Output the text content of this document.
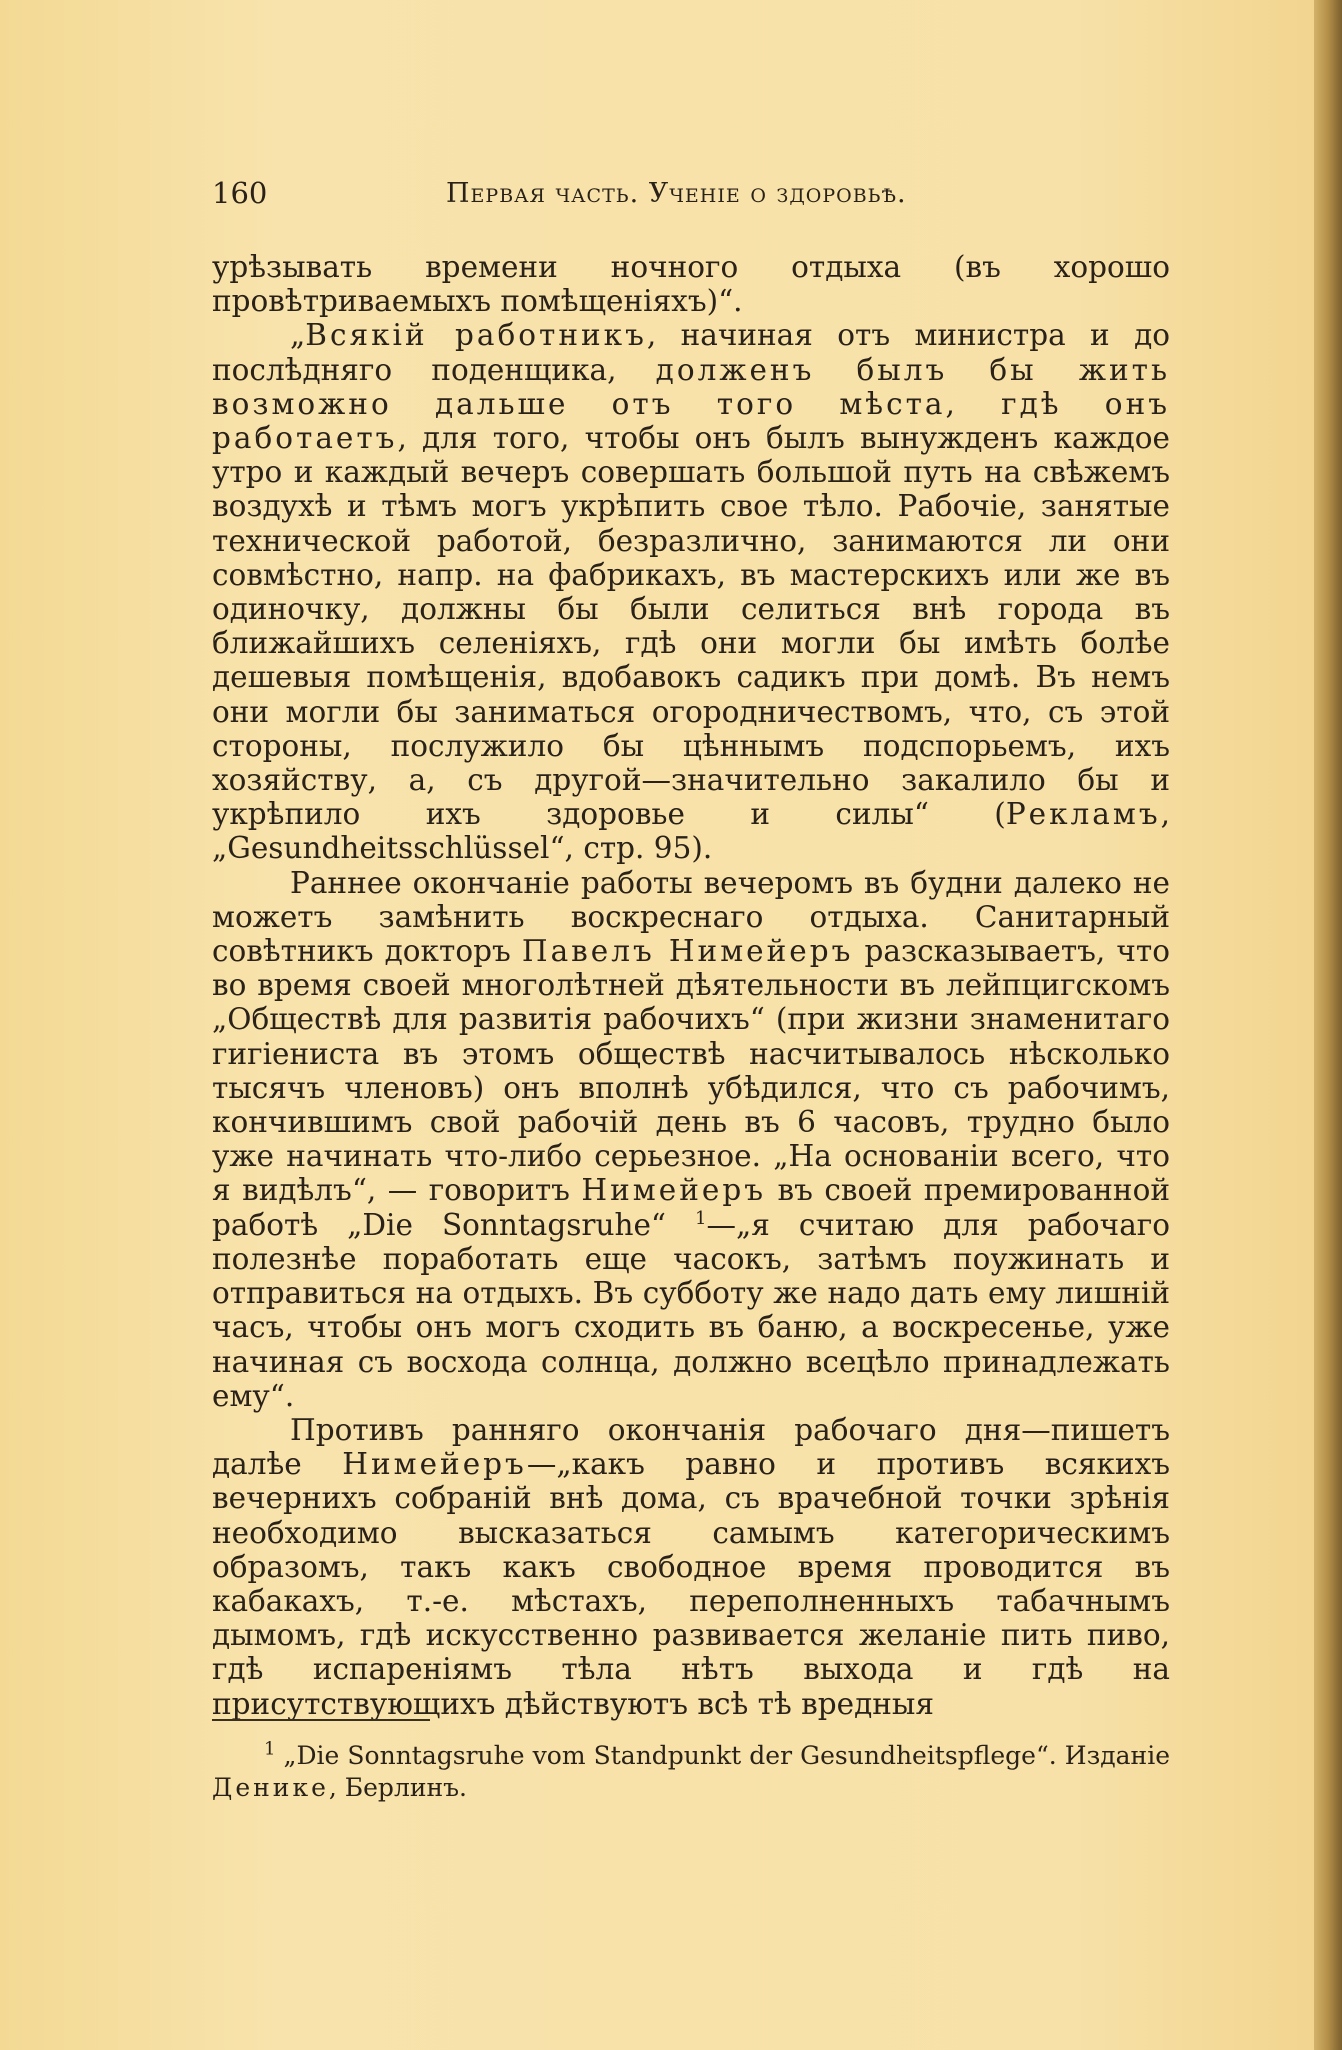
160	Первая часть. Ученіе о здоровьѣ.

урѣзывать времени ночного отдыха (въ хорошо провѣтриваемыхъ помѣщеніяхъ)“.

„Всякій работникъ, начиная отъ министра и до послѣдняго поденщика, долженъ былъ бы жить возможно дальше отъ того мѣста, гдѣ онъ работаетъ, для того, чтобы онъ былъ вынужденъ каждое утро и каждый вечеръ совершать большой путь на свѣжемъ воздухѣ и тѣмъ могъ укрѣпить свое тѣло. Рабочіе, занятые технической работой, безразлично, занимаются ли они совмѣстно, напр. на фабрикахъ, въ мастерскихъ или же въ одиночку, должны бы были селиться внѣ города въ ближайшихъ селеніяхъ, гдѣ они могли бы имѣть болѣе дешевыя помѣщенія, вдобавокъ садикъ при домѣ. Въ немъ они могли бы заниматься огородничествомъ, что, съ этой стороны, послужило бы цѣннымъ подспорьемъ, ихъ хозяйству, а, съ другой—значительно закалило бы и укрѣпило ихъ здоровье и силы“ (Рекламъ, „Gesundheitsschlüssel“, стр. 95).

Раннее окончаніе работы вечеромъ въ будни далеко не можетъ замѣнить воскреснаго отдыха. Санитарный совѣтникъ докторъ Павелъ Нимейеръ разсказываетъ, что во время своей многолѣтней дѣятельности въ лейпцигскомъ „Обществѣ для развитія рабочихъ“ (при жизни знаменитаго гигіениста въ этомъ обществѣ насчитывалось нѣсколько тысячъ членовъ) онъ вполнѣ убѣдился, что съ рабочимъ, кончившимъ свой рабочій день въ 6 часовъ, трудно было уже начинать что-либо серьезное. „На основаніи всего, что я видѣлъ“, — говоритъ Нимейеръ въ своей премированной работѣ „Die Sonntagsruhe“ $^1$—„я считаю для рабочаго полезнѣе поработать еще часокъ, затѣмъ поужинать и отправиться на отдыхъ. Въ субботу же надо дать ему лишній часъ, чтобы онъ могъ сходить въ баню, а воскресенье, уже начиная съ восхода солнца, должно всецѣло принадлежать ему“.

Противъ ранняго окончанія рабочаго дня—пишетъ далѣе Нимейеръ—„какъ равно и противъ всякихъ вечернихъ собраній внѣ дома, съ врачебной точки зрѣнія необходимо высказаться самымъ категорическимъ образомъ, такъ какъ свободное время проводится въ кабакахъ, т.-е. мѣстахъ, переполненныхъ табачнымъ дымомъ, гдѣ искусственно развивается желаніе пить пиво, гдѣ испареніямъ тѣла нѣтъ выхода и гдѣ на присутствующихъ дѣйствуютъ всѣ тѣ вредныя

$^1$ „Die Sonntagsruhe vom Standpunkt der Gesundheitspflege“. Изданіе Деникe, Берлинъ.
